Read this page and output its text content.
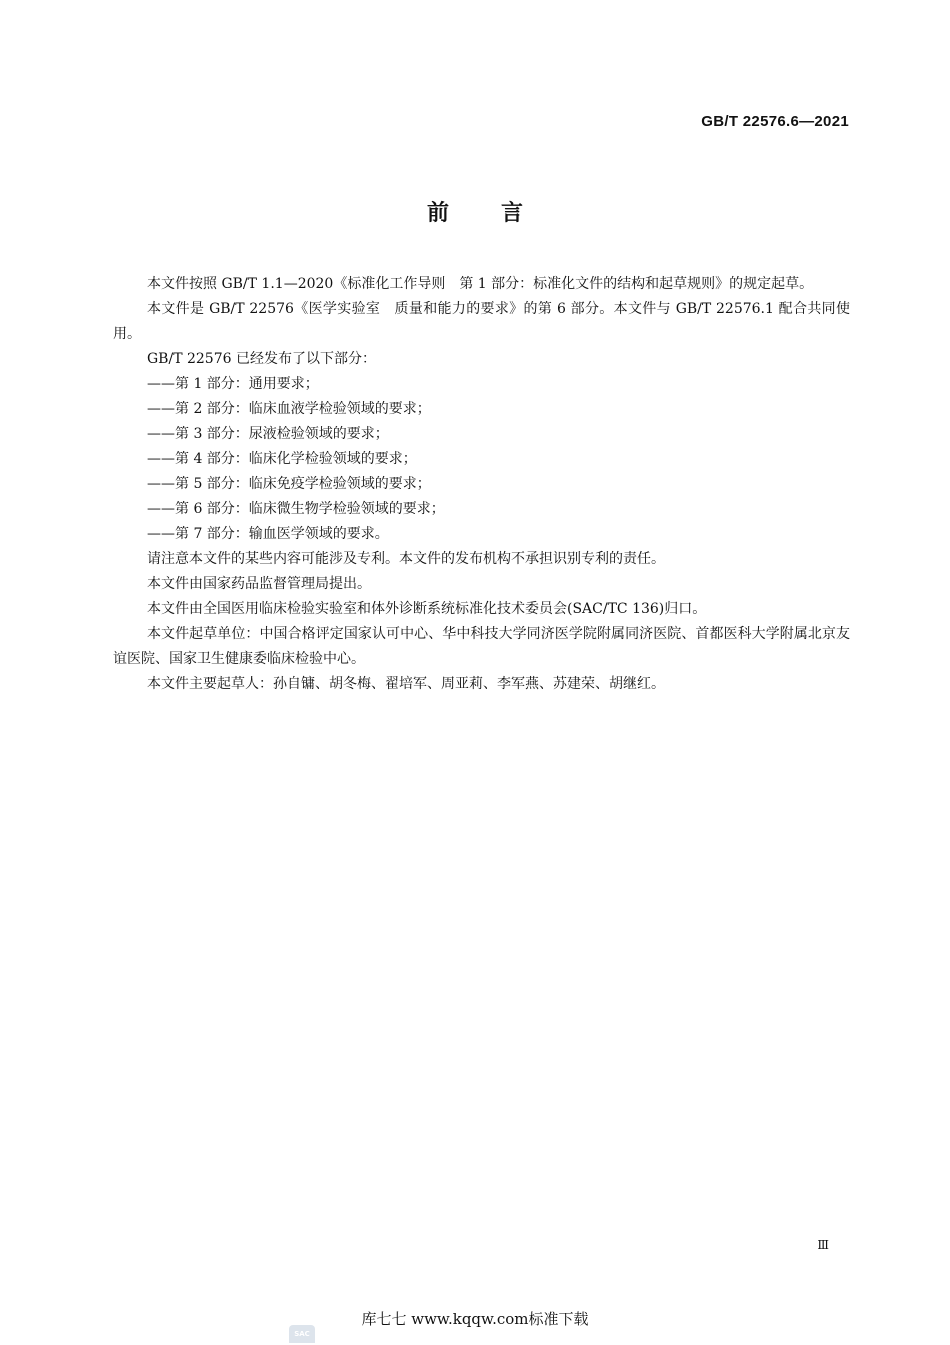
GB/T 22576.6—2021
前言

本文件按照 GB/T 1.1—2020《标准化工作导则　第 1 部分：标准化文件的结构和起草规则》的规定起草。

本文件是 GB/T 22576《医学实验室　质量和能力的要求》的第 6 部分。本文件与 GB/T 22576.1 配合共同使用。

GB/T 22576 已经发布了以下部分：

——第 1 部分：通用要求；

——第 2 部分：临床血液学检验领域的要求；

——第 3 部分：尿液检验领域的要求；

——第 4 部分：临床化学检验领域的要求；

——第 5 部分：临床免疫学检验领域的要求；

——第 6 部分：临床微生物学检验领域的要求；

——第 7 部分：输血医学领域的要求。

请注意本文件的某些内容可能涉及专利。本文件的发布机构不承担识别专利的责任。

本文件由国家药品监督管理局提出。

本文件由全国医用临床检验实验室和体外诊断系统标准化技术委员会(SAC/TC 136)归口。

本文件起草单位：中国合格评定国家认可中心、华中科技大学同济医学院附属同济医院、首都医科大学附属北京友谊医院、国家卫生健康委临床检验中心。

本文件主要起草人：孙自镛、胡冬梅、翟培军、周亚莉、李军燕、苏建荣、胡继红。

Ⅲ
SAC
库七七 www.kqqw.com标准下载
